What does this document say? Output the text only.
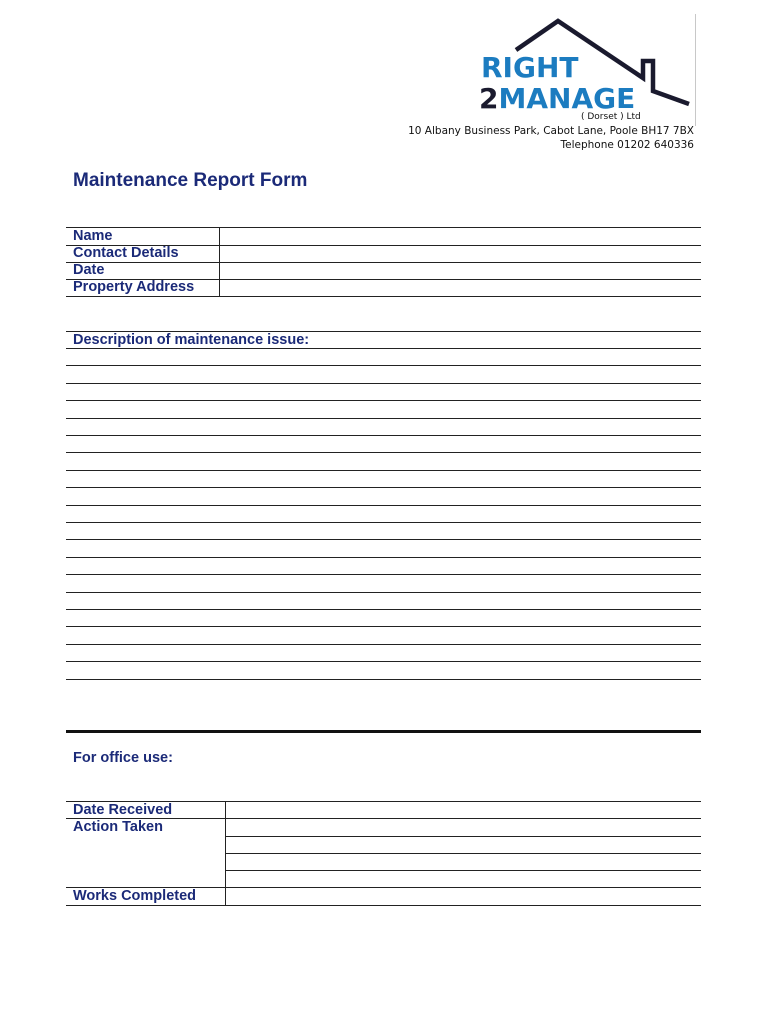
RIGHT
2MANAGE
( Dorset ) Ltd
10 Albany Business Park, Cabot Lane, Poole BH17 7BX
Telephone 01202 640336
Maintenance Report Form
Name
Contact Details
Date
Property Address
Description of maintenance issue:
For office use:
Date Received
Action Taken
Works Completed
